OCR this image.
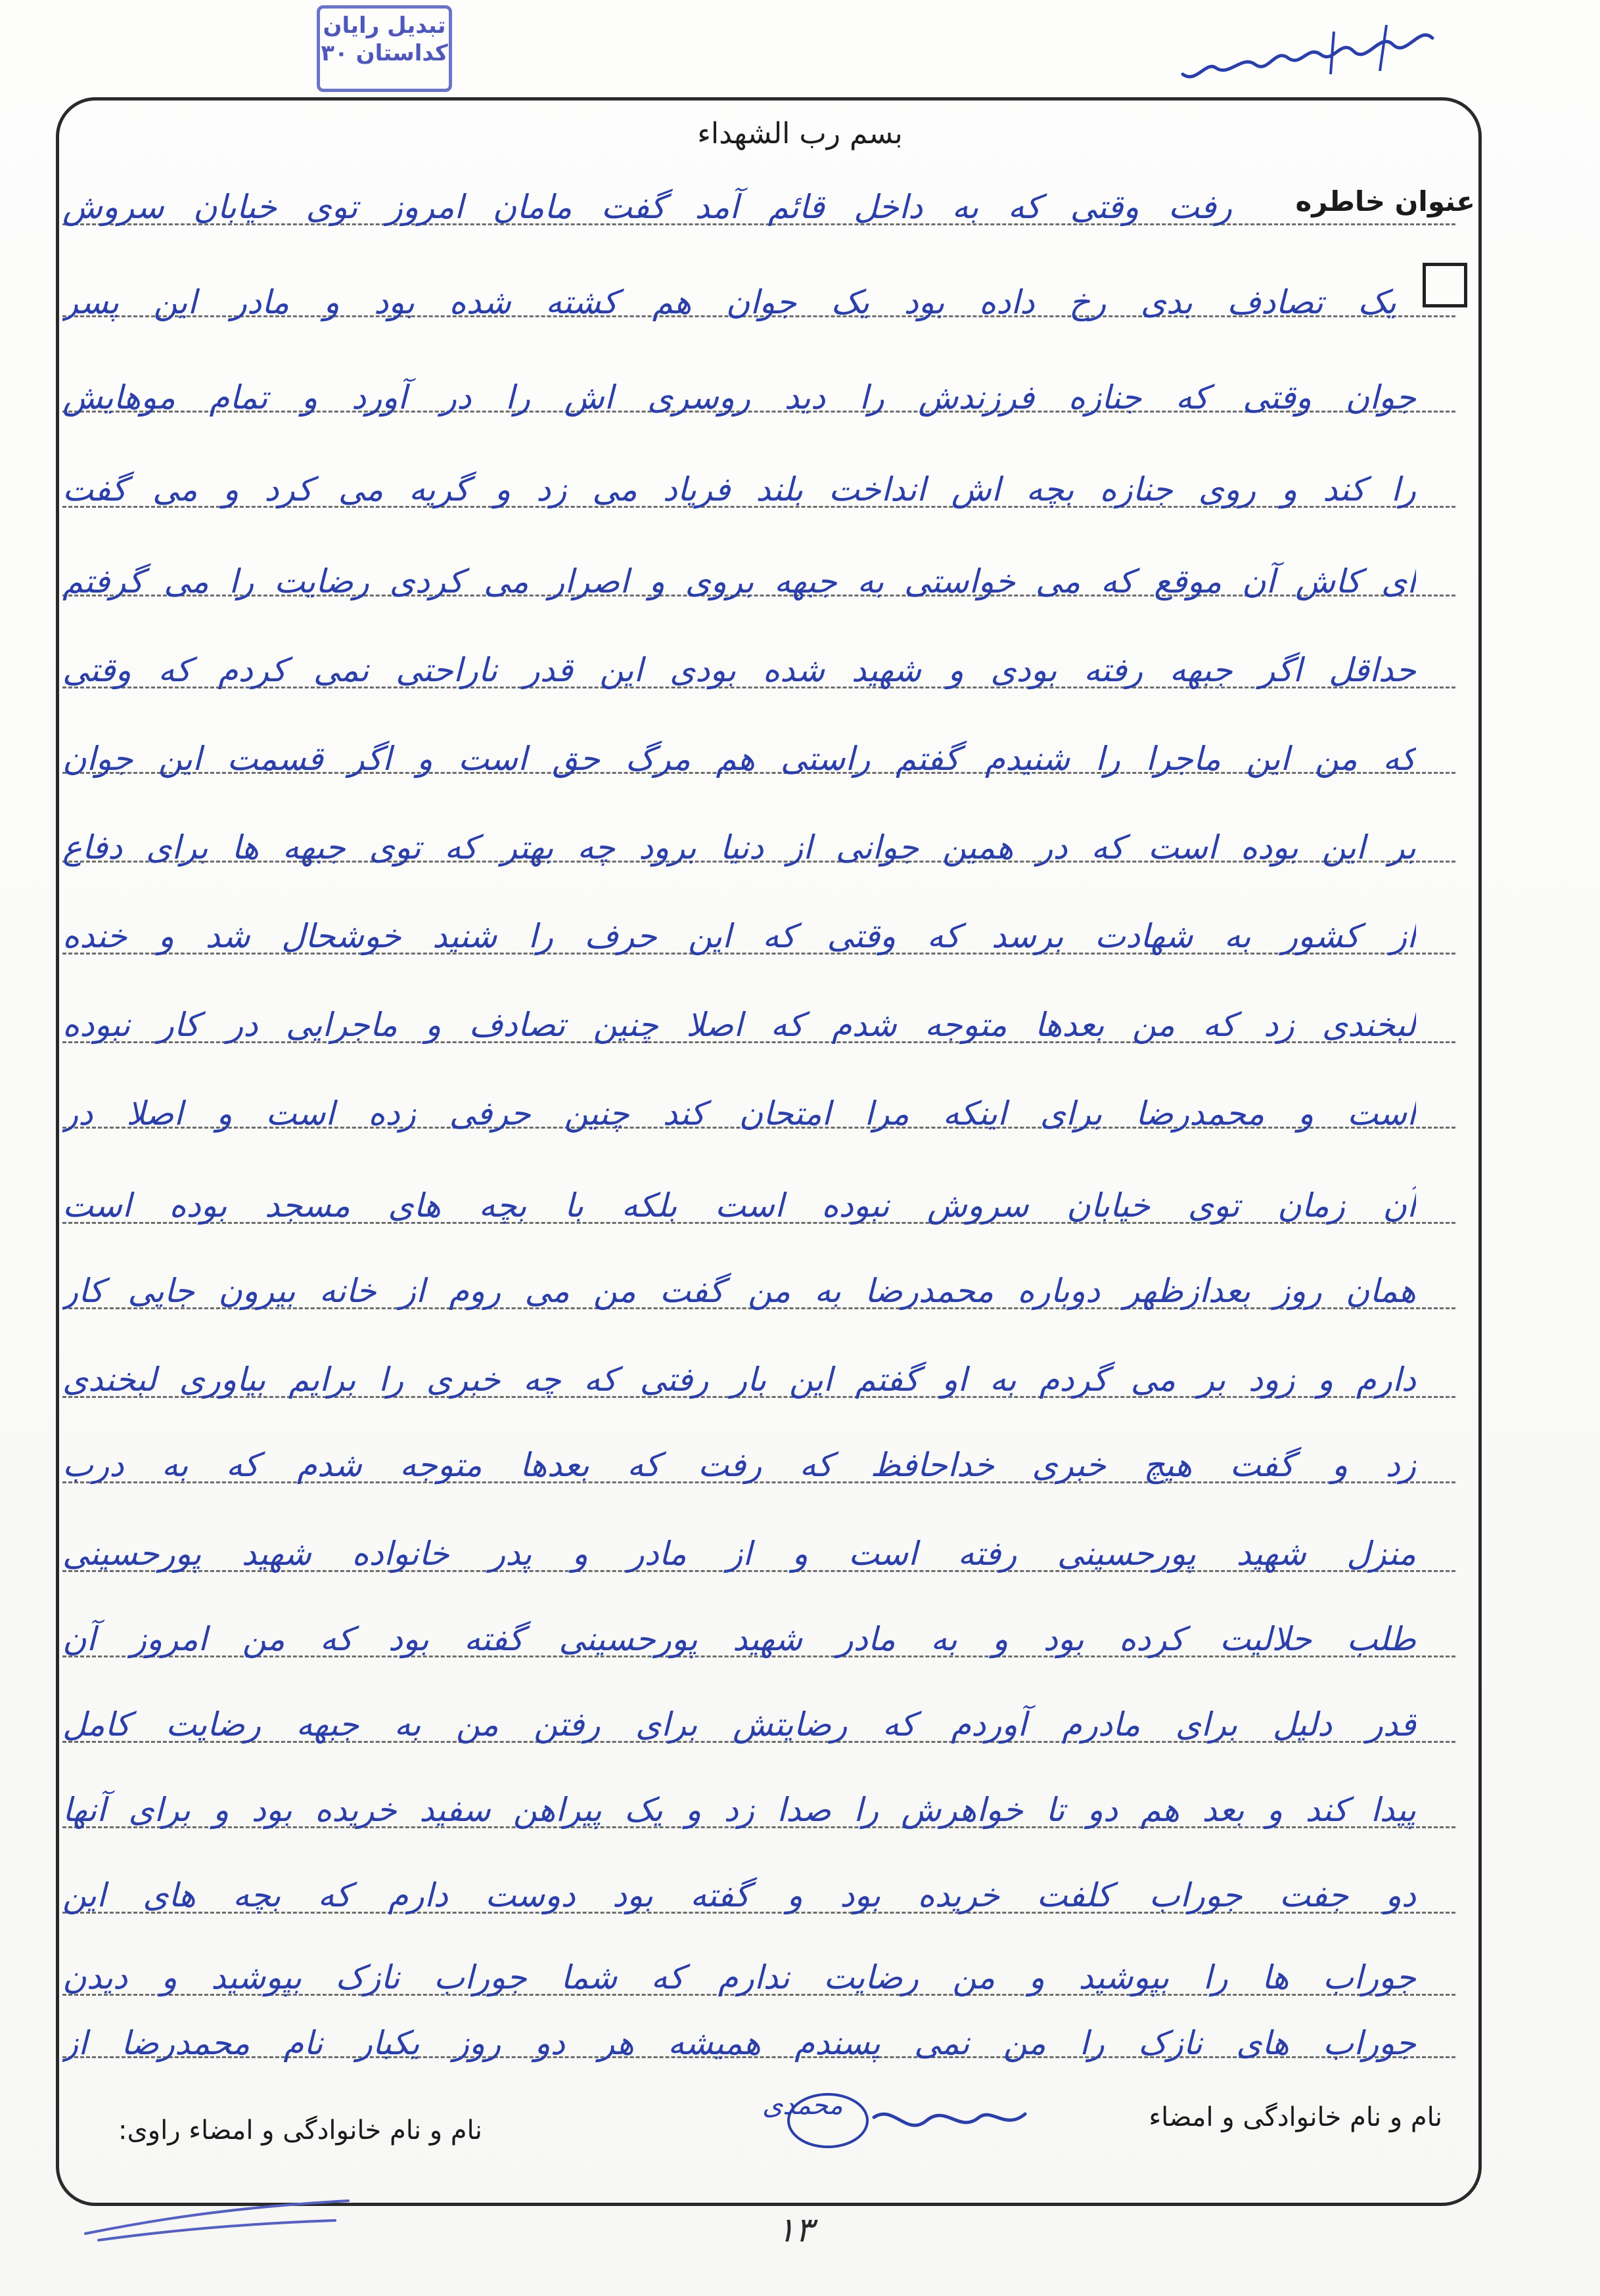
تبدیل رایان
کداستان ۳۰
بسم رب الشهداء
عنوان خاطره
رفت وقتی که به داخل قائم آمد گفت مامان امروز توی خیابان سروش
یک تصادف بدی رخ داده بود یک جوان هم کشته شده بود و مادر این پسر
جوان وقتی که جنازه فرزندش را دید روسری اش را در آورد و تمام موهایش
را کند و روی جنازه بچه اش انداخت بلند فریاد می زد و گریه می کرد و می گفت
ای کاش آن موقع که می خواستی به جبهه بروی و اصرار می کردی رضایت را می گرفتم
حداقل اگر جبهه رفته بودی و شهید شده بودی این قدر ناراحتی نمی کردم که وقتی
که من این ماجرا را شنیدم گفتم راستی هم مرگ حق است و اگر قسمت این جوان
بر این بوده است که در همین جوانی از دنیا برود چه بهتر که توی جبهه ها برای دفاع
از کشور به شهادت برسد که وقتی که این حرف را شنید خوشحال شد و خنده
لبخندی زد که من بعدها متوجه شدم که اصلا چنین تصادف و ماجرایی در کار نبوده
است و محمدرضا برای اینکه مرا امتحان کند چنین حرفی زده است و اصلا در
آن زمان توی خیابان سروش نبوده است بلکه با بچه های مسجد بوده است
همان روز بعدازظهر دوباره محمدرضا به من گفت من می روم از خانه بیرون جایی کار
دارم و زود بر می گردم به او گفتم این بار رفتی که چه خبری را برایم بیاوری لبخندی
زد و گفت هیچ خبری خداحافظ که رفت که بعدها متوجه شدم که به درب
منزل شهید پورحسینی رفته است و از مادر و پدر خانواده شهید پورحسینی
طلب حلالیت کرده بود و به مادر شهید پورحسینی گفته بود که من امروز آن
قدر دلیل برای مادرم آوردم که رضایتش برای رفتن من به جبهه رضایت کامل
پیدا کند و بعد هم دو تا خواهرش را صدا زد و یک پیراهن سفید خریده بود و برای آنها
دو جفت جوراب کلفت خریده بود و گفته بود دوست دارم که بچه های این
جوراب ها را بپوشید و من رضایت ندارم که شما جوراب نازک بپوشید و دیدن
جوراب های نازک را من نمی پسندم همیشه هر دو روز یکبار نام محمدرضا از
نام و نام خانوادگی و امضاء
نام و نام خانوادگی و امضاء راوی:
محمدی
۱۳
